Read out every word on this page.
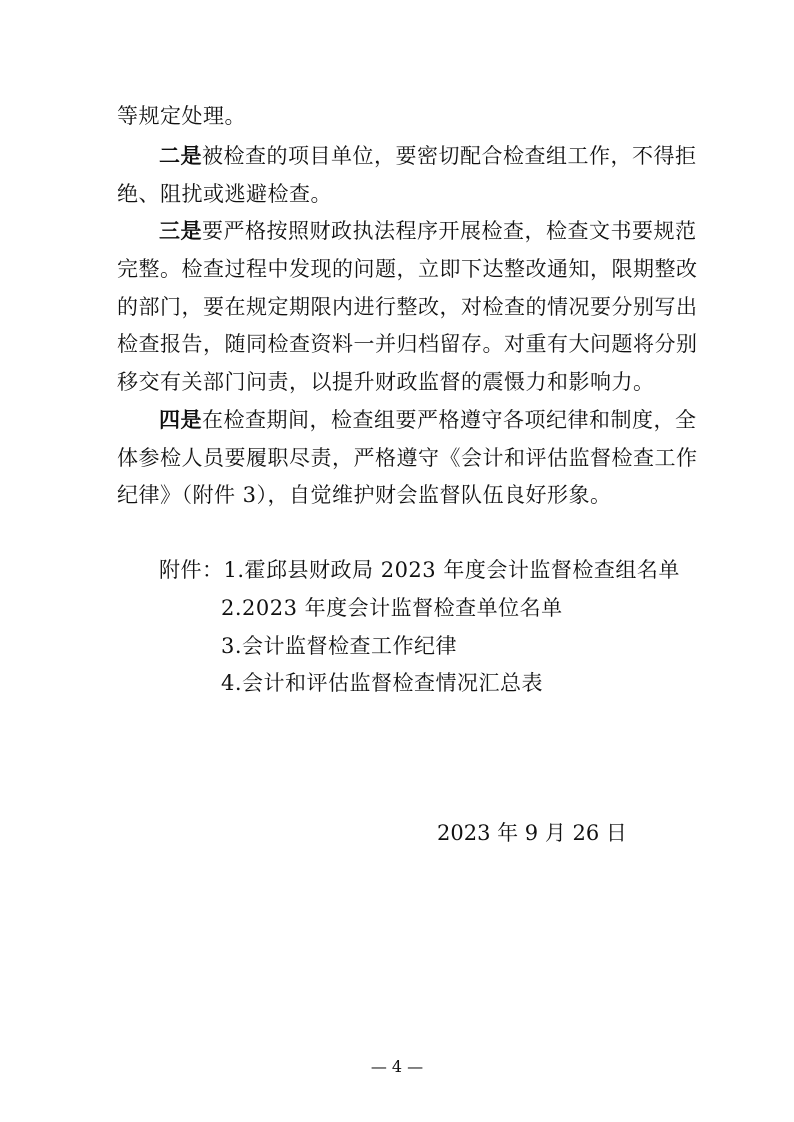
等规定处理。
二是被检查的项目单位，要密切配合检查组工作，不得拒
绝、阻扰或逃避检查。
三是要严格按照财政执法程序开展检查，检查文书要规范
完整。检查过程中发现的问题，立即下达整改通知，限期整改
的部门，要在规定期限内进行整改，对检查的情况要分别写出
检查报告，随同检查资料一并归档留存。对重有大问题将分别
移交有关部门问责，以提升财政监督的震慑力和影响力。
四是在检查期间，检查组要严格遵守各项纪律和制度，全
体参检人员要履职尽责，严格遵守《会计和评估监督检查工作
纪律》（附件 3），自觉维护财会监督队伍良好形象。
附件：1.霍邱县财政局 2023 年度会计监督检查组名单
2.2023 年度会计监督检查单位名单
3.会计监督检查工作纪律
4.会计和评估监督检查情况汇总表
2023 年 9 月 26 日
— 4 —
